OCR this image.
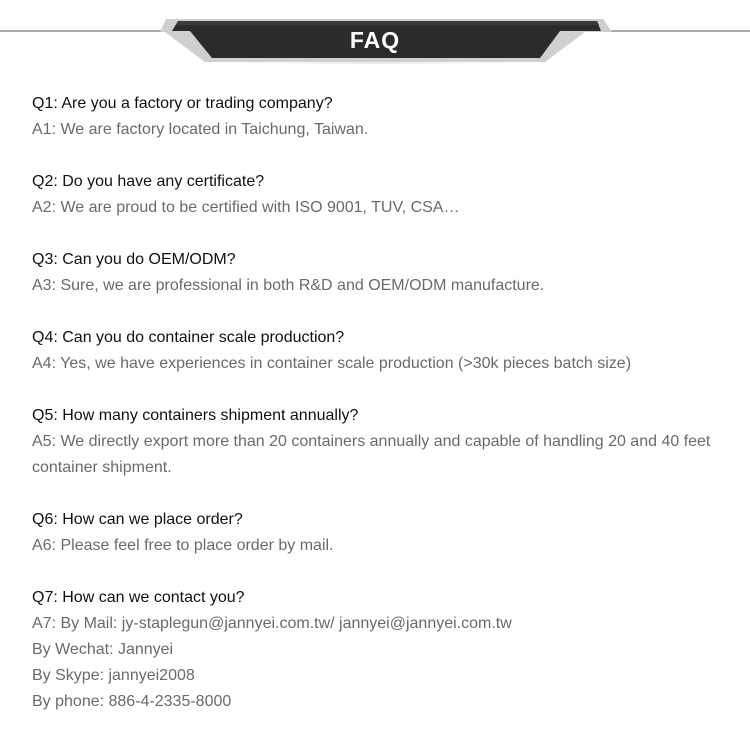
FAQ
Q1: Are you a factory or trading company?
A1: We are factory located in Taichung, Taiwan.
Q2: Do you have any certificate?
A2: We are proud to be certified with ISO 9001, TUV, CSA…
Q3: Can you do OEM/ODM?
A3: Sure, we are professional in both R&D and OEM/ODM manufacture.
Q4: Can you do container scale production?
A4: Yes, we have experiences in container scale production (>30k pieces batch size)
Q5: How many containers shipment annually?
A5: We directly export more than 20 containers annually and capable of handling 20 and 40 feet container shipment.
Q6: How can we place order?
A6: Please feel free to place order by mail.
Q7: How can we contact you?
A7: By Mail: jy-staplegun@jannyei.com.tw/ jannyei@jannyei.com.tw
By Wechat: Jannyei
By Skype: jannyei2008
By phone: 886-4-2335-8000
